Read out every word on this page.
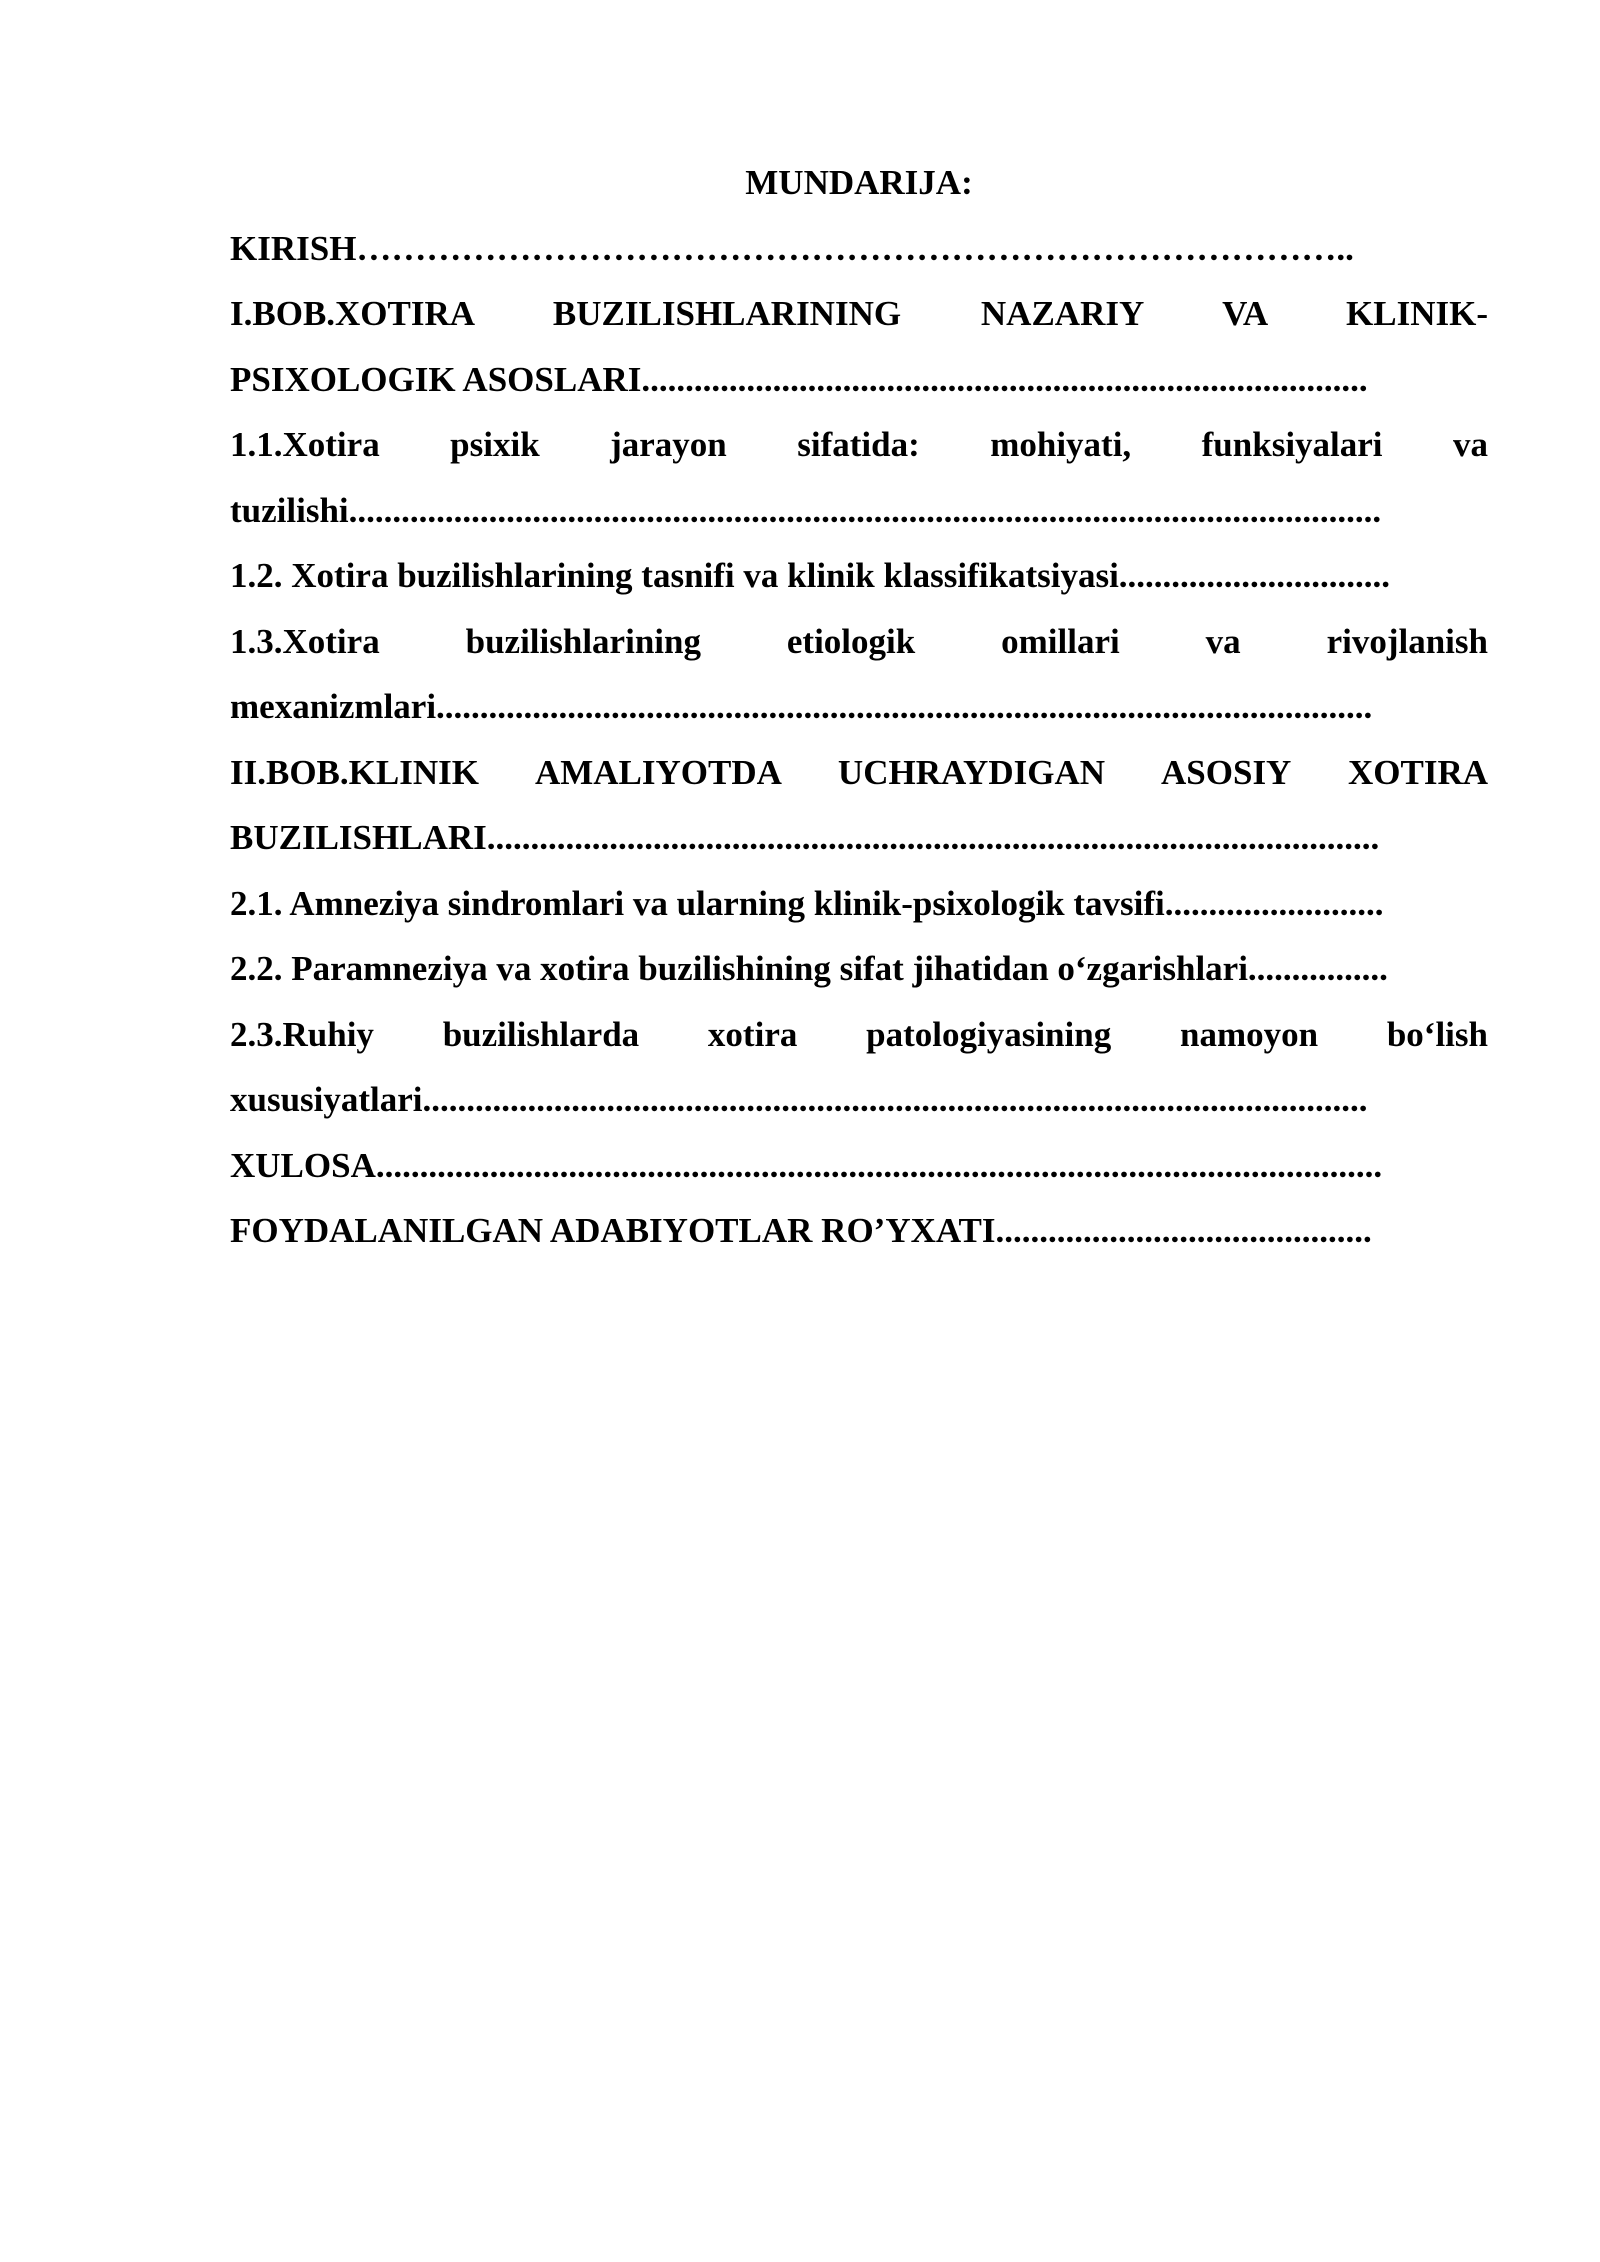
MUNDARIJA:
KIRISH…………………………………………………………………………..
I.BOB.XOTIRA BUZILISHLARINING NAZARIY VA KLINIK-
PSIXOLOGIK ASOSLARI...................................................................................
1.1.Xotira psixik jarayon sifatida: mohiyati, funksiyalari va
tuzilishi......................................................................................................................
1.2. Xotira buzilishlarining tasnifi va klinik klassifikatsiyasi...............................
1.3.Xotira buzilishlarining etiologik omillari va rivojlanish
mexanizmlari...........................................................................................................
II.BOB.KLINIK AMALIYOTDA UCHRAYDIGAN ASOSIY XOTIRA
BUZILISHLARI......................................................................................................
2.1. Amneziya sindromlari va ularning klinik-psixologik tavsifi.........................
2.2. Paramneziya va xotira buzilishining sifat jihatidan o‘zgarishlari................
2.3.Ruhiy buzilishlarda xotira patologiyasining namoyon bo‘lish
xususiyatlari............................................................................................................
XULOSA...................................................................................................................
FOYDALANILGAN ADABIYOTLAR RO’YXATI...........................................
